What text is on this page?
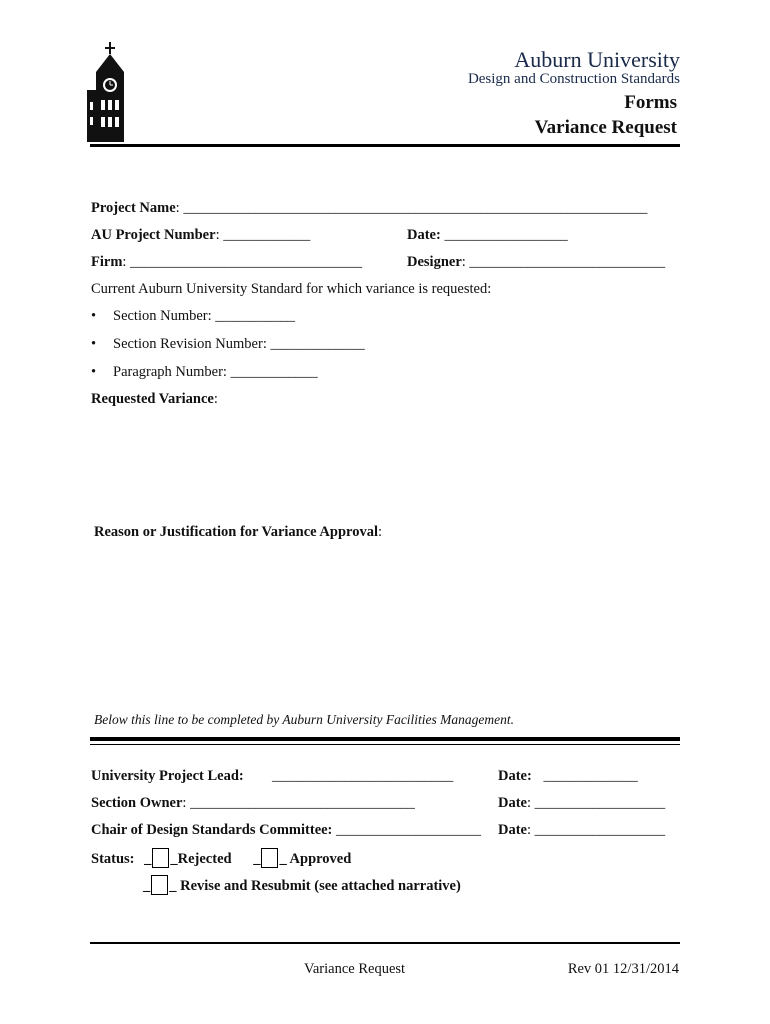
Auburn University
Design and Construction Standards
Forms
Variance Request
Project Name: ________________________________________________________________
AU Project Number: ____________	Date: _________________
Firm: ________________________________	Designer: ___________________________
Current Auburn University Standard for which variance is requested:
• Section Number: ___________
• Section Revision Number: _____________
• Paragraph Number: ____________
Requested Variance:
Reason or Justification for Variance Approval:
Below this line to be completed by Auburn University Facilities Management.
University Project Lead: _________________________	Date: _____________
Section Owner: _______________________________	Date: __________________
Chair of Design Standards Committee: ____________________ Date: __________________
Status: _ _Rejected _ _ Approved
_ _ Revise and Resubmit (see attached narrative)
Variance Request	Rev 01 12/31/2014
